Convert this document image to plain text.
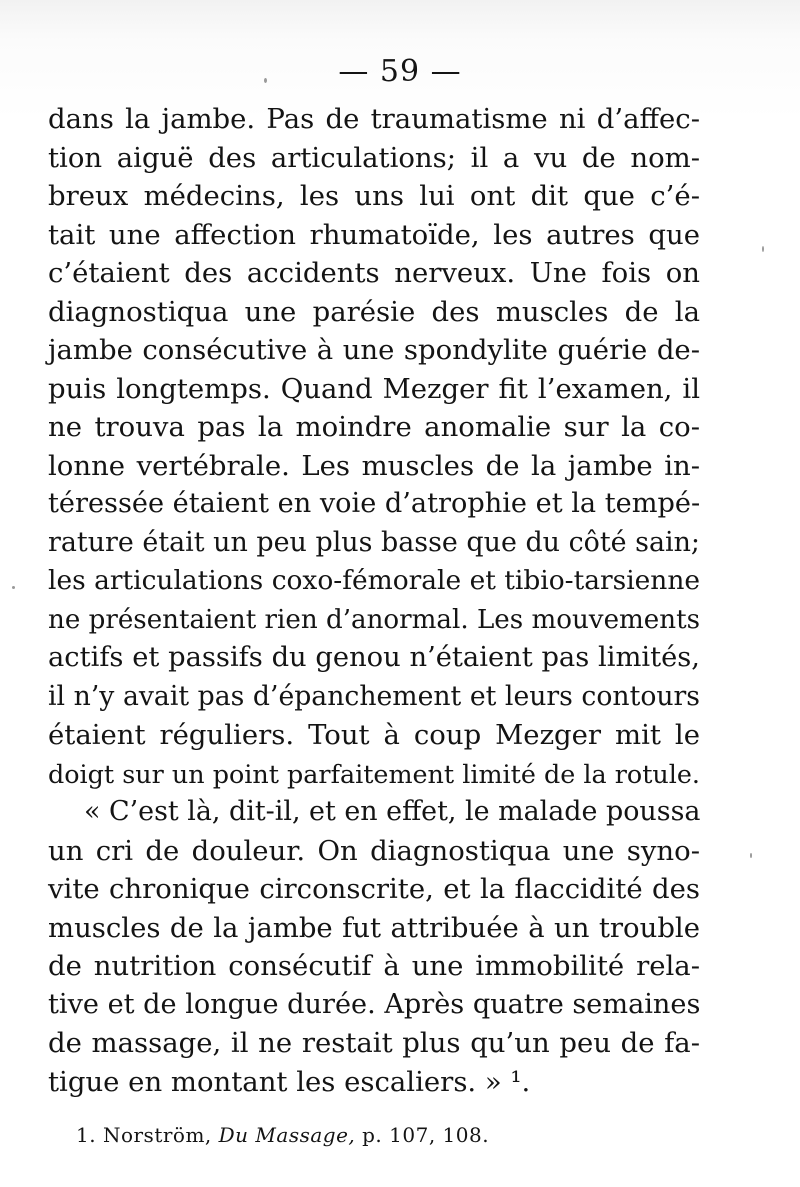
— 59 —
dans la jambe. Pas de traumatisme ni d’affec-
tion aiguë des articulations; il a vu de nom-
breux médecins, les uns lui ont dit que c’é-
tait une affection rhumatoïde, les autres que
c’étaient des accidents nerveux. Une fois on
diagnostiqua une parésie des muscles de la
jambe consécutive à une spondylite guérie de-
puis longtemps. Quand Mezger fit l’examen, il
ne trouva pas la moindre anomalie sur la co-
lonne vertébrale. Les muscles de la jambe in-
téressée étaient en voie d’atrophie et la tempé-
rature était un peu plus basse que du côté sain;
les articulations coxo-fémorale et tibio-tarsienne
ne présentaient rien d’anormal. Les mouvements
actifs et passifs du genou n’étaient pas limités,
il n’y avait pas d’épanchement et leurs contours
étaient réguliers. Tout à coup Mezger mit le
doigt sur un point parfaitement limité de la rotule.
« C’est là, dit-il, et en effet, le malade poussa
un cri de douleur. On diagnostiqua une syno-
vite chronique circonscrite, et la flaccidité des
muscles de la jambe fut attribuée à un trouble
de nutrition consécutif à une immobilité rela-
tive et de longue durée. Après quatre semaines
de massage, il ne restait plus qu’un peu de fa-
tigue en montant les escaliers. » ¹.
1. Norström, Du Massage, p. 107, 108.
